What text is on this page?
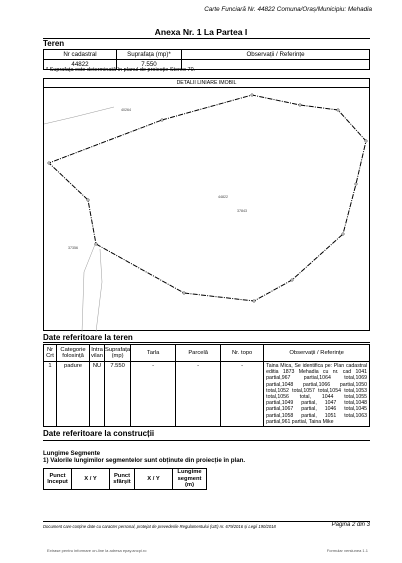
Carte Funciară Nr. 44822 Comuna/Oraș/Municipiu: Mehadia
Anexa Nr. 1 La Partea I
Teren
Nr cadastral	Suprafața (mp)*	Observații / Referințe
44822	7.550	
* Suprafața este determinată în planul de proiecție Stereo 70.
DETALII LINIARE IMOBIL
44822
37843
40264
37356
Date referitoare la teren
Nr Crt	Categorie folosință	Intra vilan	Suprafața (mp)	Tarla	Parcelă	Nr. topo	Observații / Referințe
1	padure	NU	7.550	-	-	-	Taina Mica, Se identifica pe: Plan cadastral editia 1873 Mehadia cu nr. cad 1041 partial,967 partial,1064 total,1069 partial,1048 partial,1066 partial,1050 total,1052 total,1057 total,1054 total,1053 total,1056 total, 1044 total,1055 partial,1049 partial, 1047 total,1048 partial,1067 partial, 1046 total,1045 partial,1058 partial, 1051 total,1063 partial,961 partial, Taina Mike
Date referitoare la construcții
Lungime Segmente
1) Valorile lungimilor segmentelor sunt obținute din proiecție în plan.
Punct început	X / Y	Punct sfârșit	X / Y	Lungime segment (m)
Document care conține date cu caracter personal, protejat de prevederile Regulamentului (UE) nr. 679/2016 și Legii 190/2018	Pagina 2 din 3
Extrase pentru informare on-line la adresa epay.ancpi.ro	Formular versiunea 1.1
